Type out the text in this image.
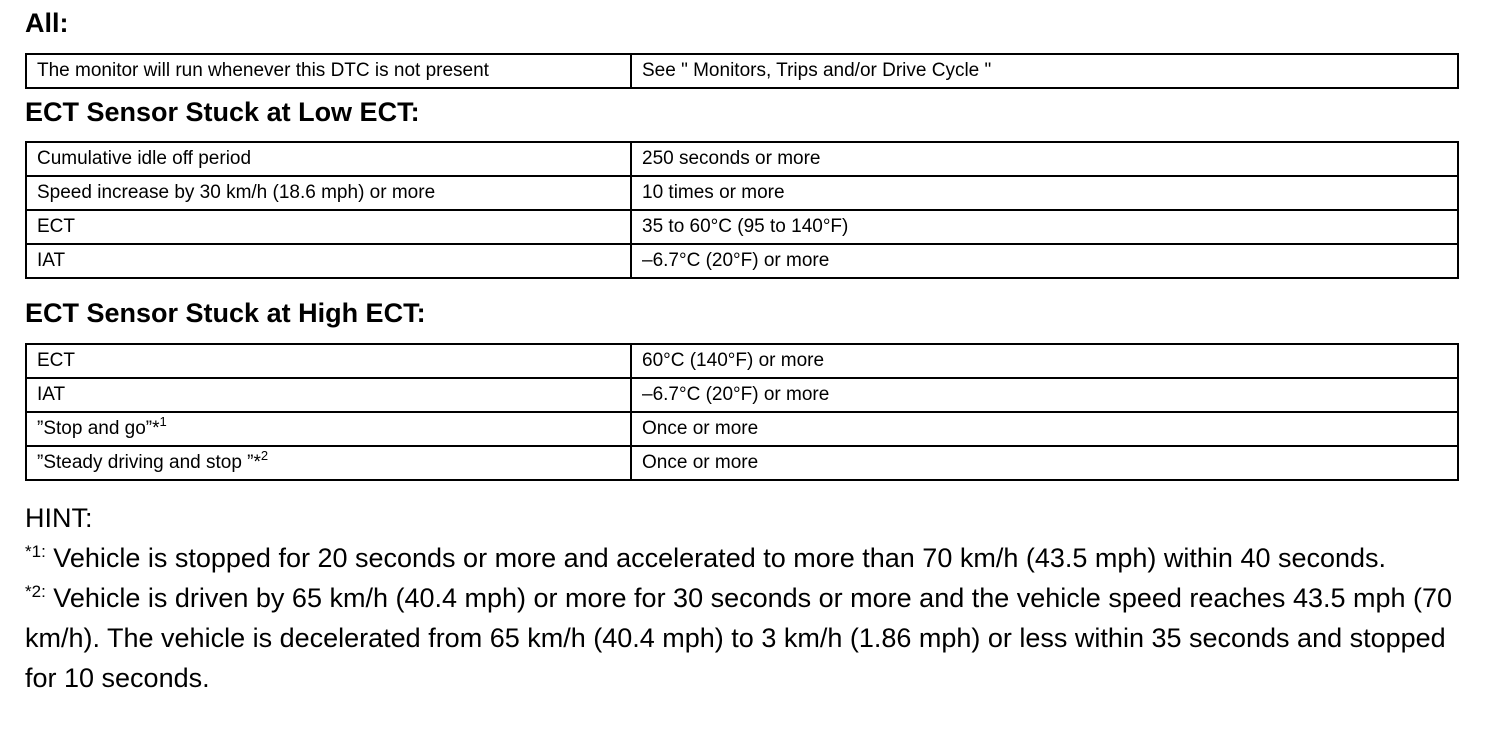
All:
The monitor will run whenever this DTC is not present	See " Monitors, Trips and/or Drive Cycle "
ECT Sensor Stuck at Low ECT:
Cumulative idle off period	250 seconds or more
Speed increase by 30 km/h (18.6 mph) or more	10 times or more
ECT	35 to 60°C (95 to 140°F)
IAT	–6.7°C (20°F) or more
ECT Sensor Stuck at High ECT:
ECT	60°C (140°F) or more
IAT	–6.7°C (20°F) or more
”Stop and go”*$^1$	Once or more
”Steady driving and stop ”*$^2$	Once or more

HINT:

$^{*1:}$ Vehicle is stopped for 20 seconds or more and accelerated to more than 70 km/h (43.5 mph) within 40 seconds.

$^{*2:}$ Vehicle is driven by 65 km/h (40.4 mph) or more for 30 seconds or more and the vehicle speed reaches 43.5 mph (70 km/h). The vehicle is decelerated from 65 km/h (40.4 mph) to 3 km/h (1.86 mph) or less within 35 seconds and stopped for 10 seconds.
